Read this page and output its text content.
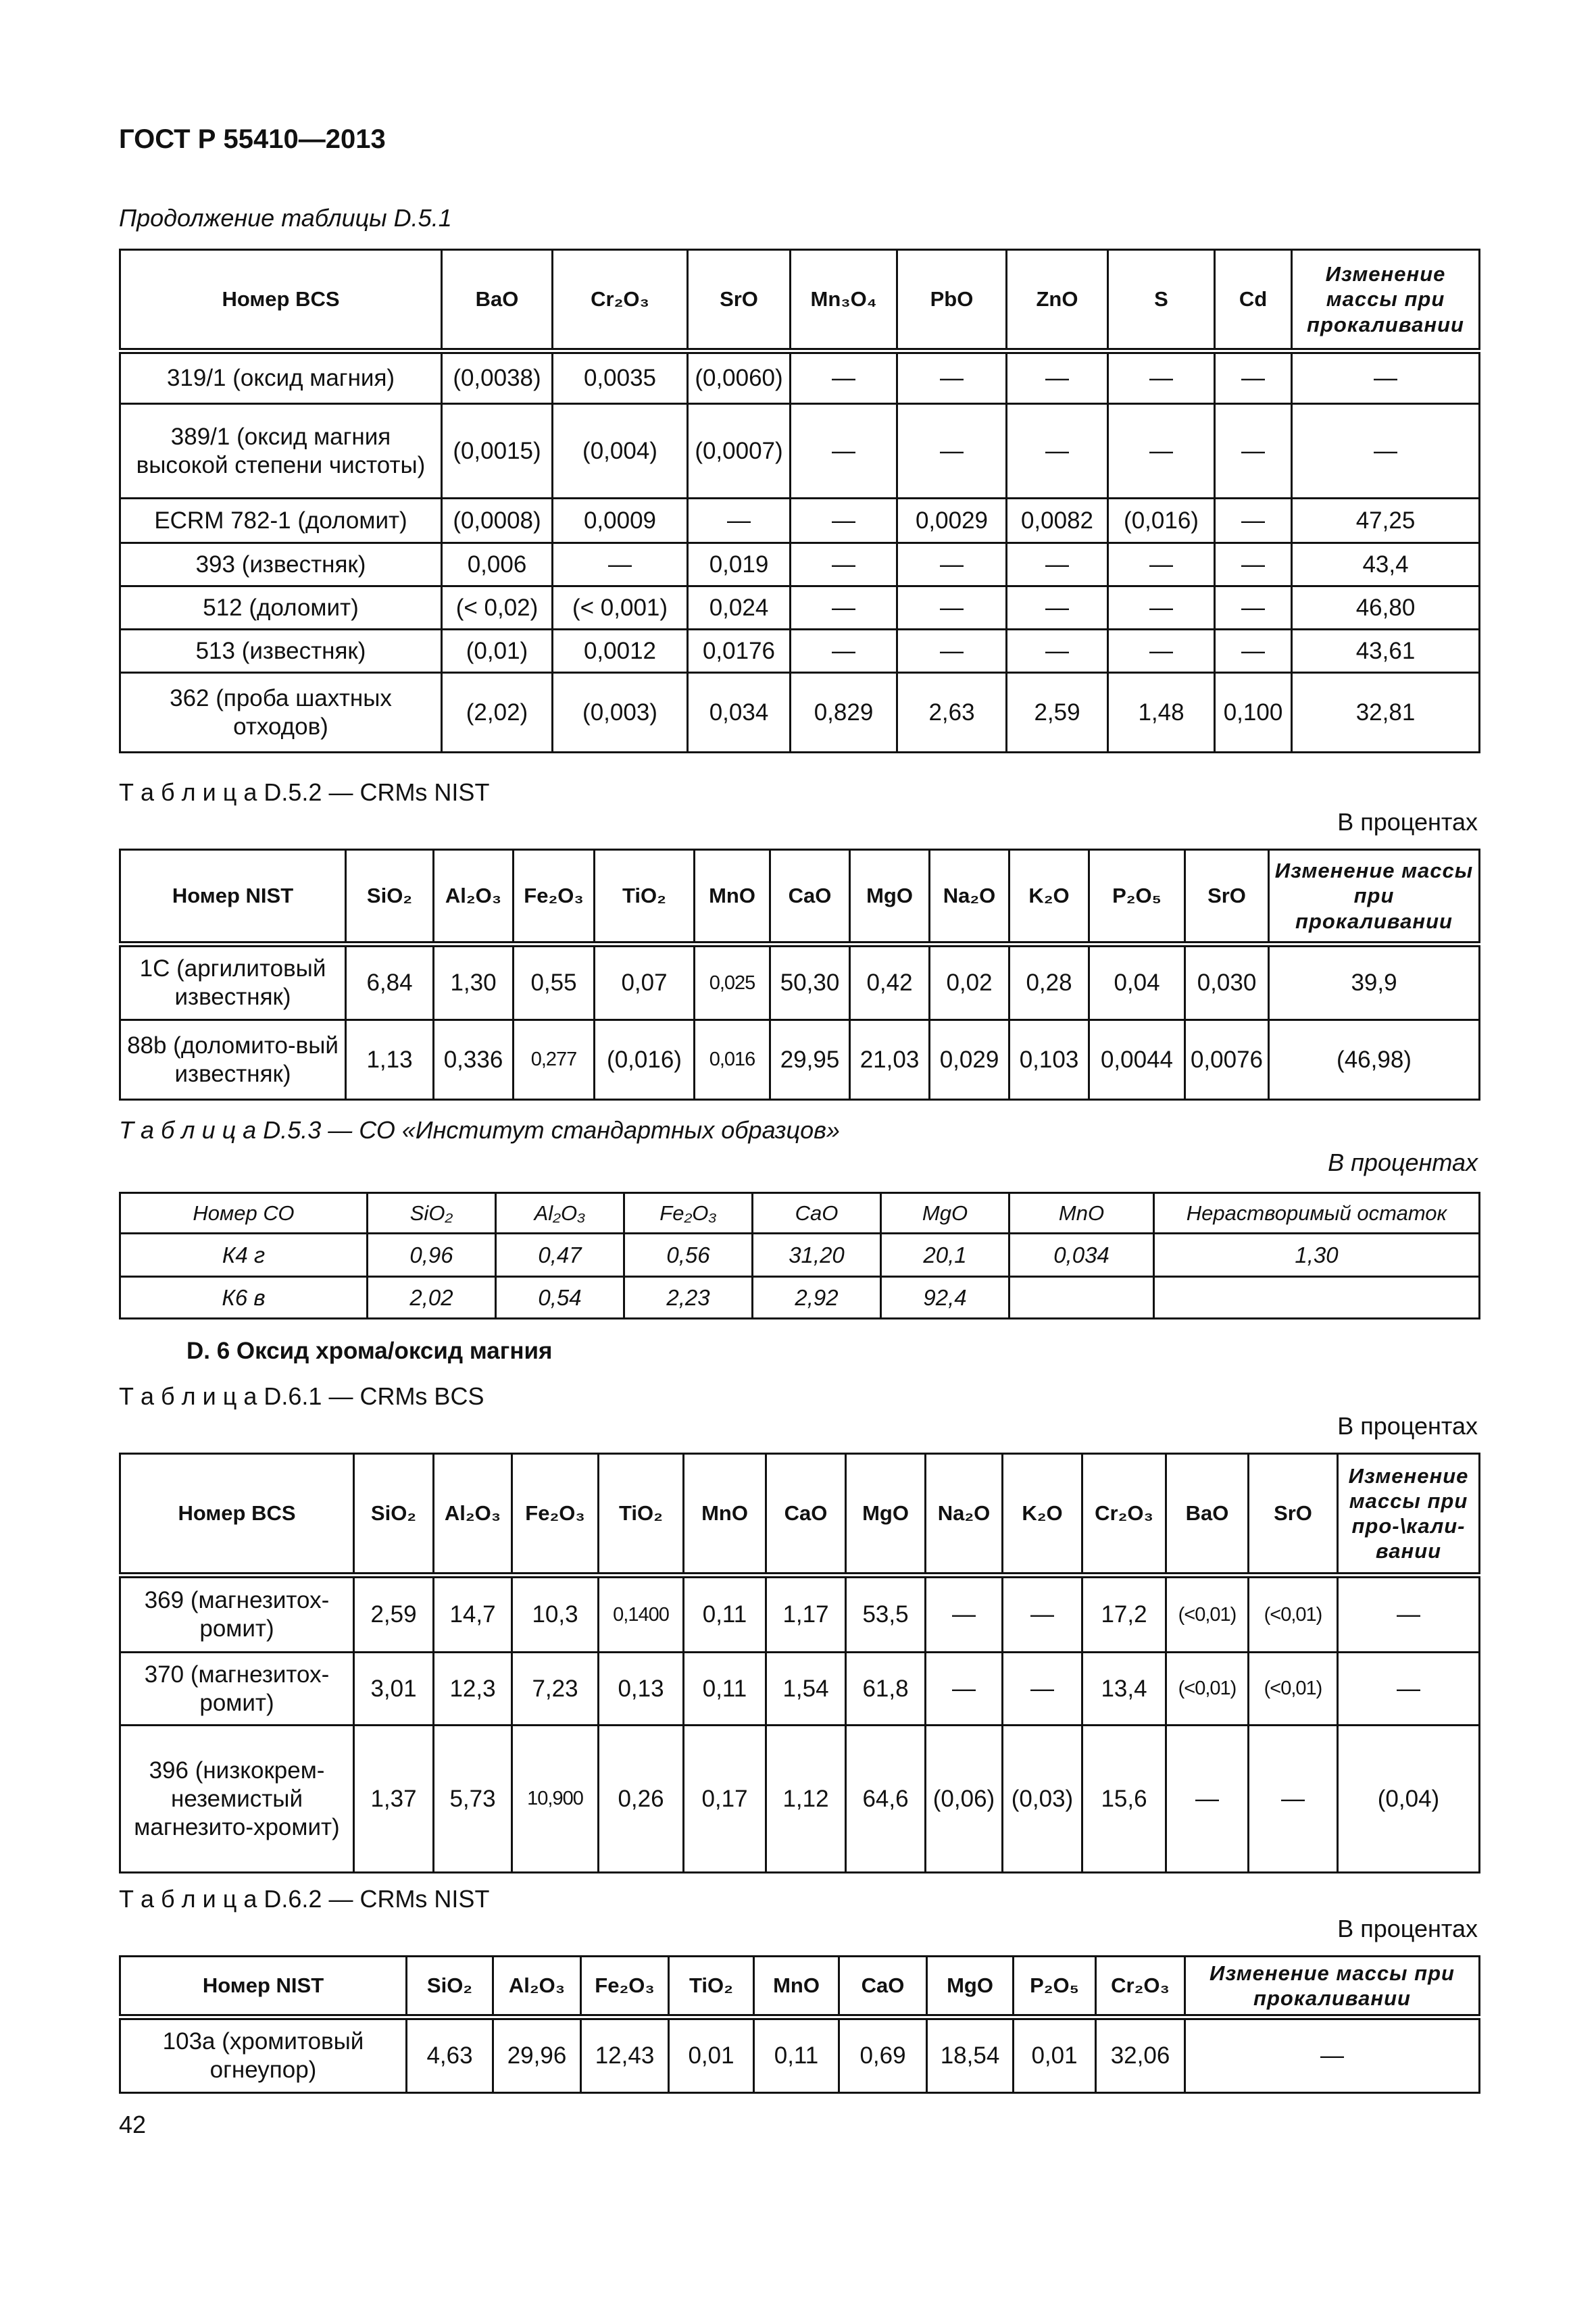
ГОСТ Р 55410—2013
Продолжение таблицы D.5.1
Номер BCS	BaO	Cr₂O₃	SrO	Mn₃O₄	PbO	ZnO	S	Cd	Изменение массы при прокаливании
319/1 (оксид магния)	(0,0038)	0,0035	(0,0060)	—	—	—	—	—	—
389/1 (оксид магния высокой степени чистоты)	(0,0015)	(0,004)	(0,0007)	—	—	—	—	—	—
ECRM 782-1 (доломит)	(0,0008)	0,0009	—	—	0,0029	0,0082	(0,016)	—	47,25
393 (известняк)	0,006	—	0,019	—	—	—	—	—	43,4
512 (доломит)	(< 0,02)	(< 0,001)	0,024	—	—	—	—	—	46,80
513 (известняк)	(0,01)	0,0012	0,0176	—	—	—	—	—	43,61
362 (проба шахтных отходов)	(2,02)	(0,003)	0,034	0,829	2,63	2,59	1,48	0,100	32,81
Т а б л и ц а D.5.2 — CRMs NIST
В процентах
Номер NIST	SiO₂	Al₂O₃	Fe₂O₃	TiO₂	MnO	CaO	MgO	Na₂O	K₂O	P₂O₅	SrO	Изменение массы при прокаливании
1C (аргилитовый известняк)	6,84	1,30	0,55	0,07	0,025	50,30	0,42	0,02	0,28	0,04	0,030	39,9
88b (доломито-вый известняк)	1,13	0,336	0,277	(0,016)	0,016	29,95	21,03	0,029	0,103	0,0044	0,0076	(46,98)
Т а б л и ц а D.5.3 — СО «Институт стандартных образцов»
В процентах
Номер СО	SiO₂	Al₂O₃	Fe₂O₃	CaO	MgO	MnO	Нерастворимый остаток
К4 г	0,96	0,47	0,56	31,20	20,1	0,034	1,30
К6 в	2,02	0,54	2,23	2,92	92,4		
D. 6 Оксид хрома/оксид магния
Т а б л и ц а D.6.1 — CRMs BCS
В процентах
Номер BCS	SiO₂	Al₂O₃	Fe₂O₃	TiO₂	MnO	CaO	MgO	Na₂O	K₂O	Cr₂O₃	BaO	SrO	Изменение массы при про-\кали-вании
369 (магнезитох-ромит)	2,59	14,7	10,3	0,1400	0,11	1,17	53,5	—	—	17,2	(<0,01)	(<0,01)	—
370 (магнезитох-ромит)	3,01	12,3	7,23	0,13	0,11	1,54	61,8	—	—	13,4	(<0,01)	(<0,01)	—
396 (низкокрем-неземистый магнезито-хромит)	1,37	5,73	10,900	0,26	0,17	1,12	64,6	(0,06)	(0,03)	15,6	—	—	(0,04)
Т а б л и ц а D.6.2 — CRMs NIST
В процентах
Номер NIST	SiO₂	Al₂O₃	Fe₂O₃	TiO₂	MnO	CaO	MgO	P₂O₅	Cr₂O₃	Изменение массы при прокаливании
103a (хромитовый огнеупор)	4,63	29,96	12,43	0,01	0,11	0,69	18,54	0,01	32,06	—
42
